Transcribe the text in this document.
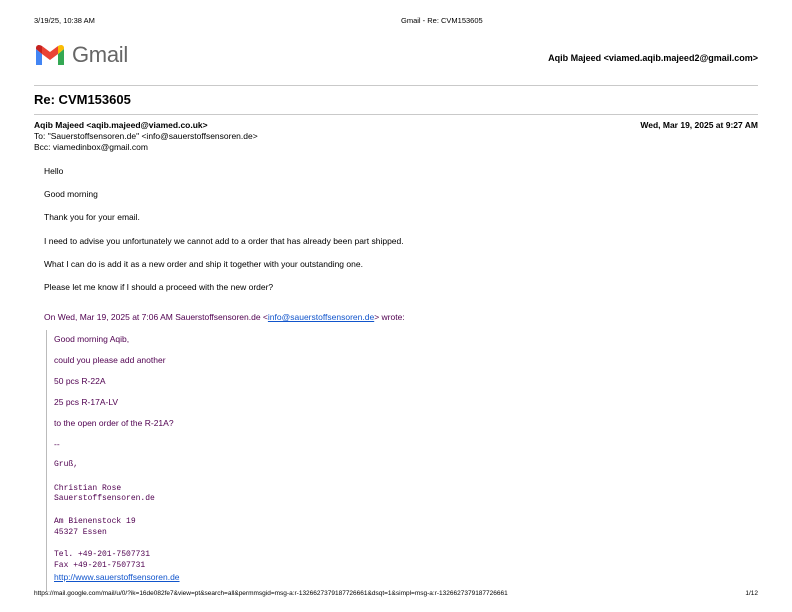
3/19/25, 10:38 AM	Gmail - Re: CVM153605
Gmail	Aqib Majeed <viamed.aqib.majeed2@gmail.com>
Re: CVM153605
Aqib Majeed <aqib.majeed@viamed.co.uk>
To: "Sauerstoffsensoren.de" <info@sauerstoffsensoren.de>
Bcc: viamedinbox@gmail.com
Wed, Mar 19, 2025 at 9:27 AM

Hello

Good morning

Thank you for your email.

I need to advise you unfortunately we cannot add to a order that has already been part shipped.

What I can do is add it as a new order and ship it together with your outstanding one.

Please let me know if I should a proceed with the new order?

On Wed, Mar 19, 2025 at 7:06 AM Sauerstoffsensoren.de <info@sauerstoffsensoren.de> wrote:

Good morning Aqib,

could you please add another

50 pcs R-22A

25 pcs R-17A-LV

to the open order of the R-21A?

--

Gruß,

Christian Rose

Sauerstoffsensoren.de

Am Bienenstock 19

45327 Essen

Tel. +49-201-7507731

Fax +49-201-7507731

http://www.sauerstoffsensoren.de

https://mail.google.com/mail/u/0/?ik=16de082fe7&view=pt&search=all&permmsgid=msg-a:r-1326627379187726661&dsqt=1&simpl=msg-a:r-1326627379187726661	1/12
